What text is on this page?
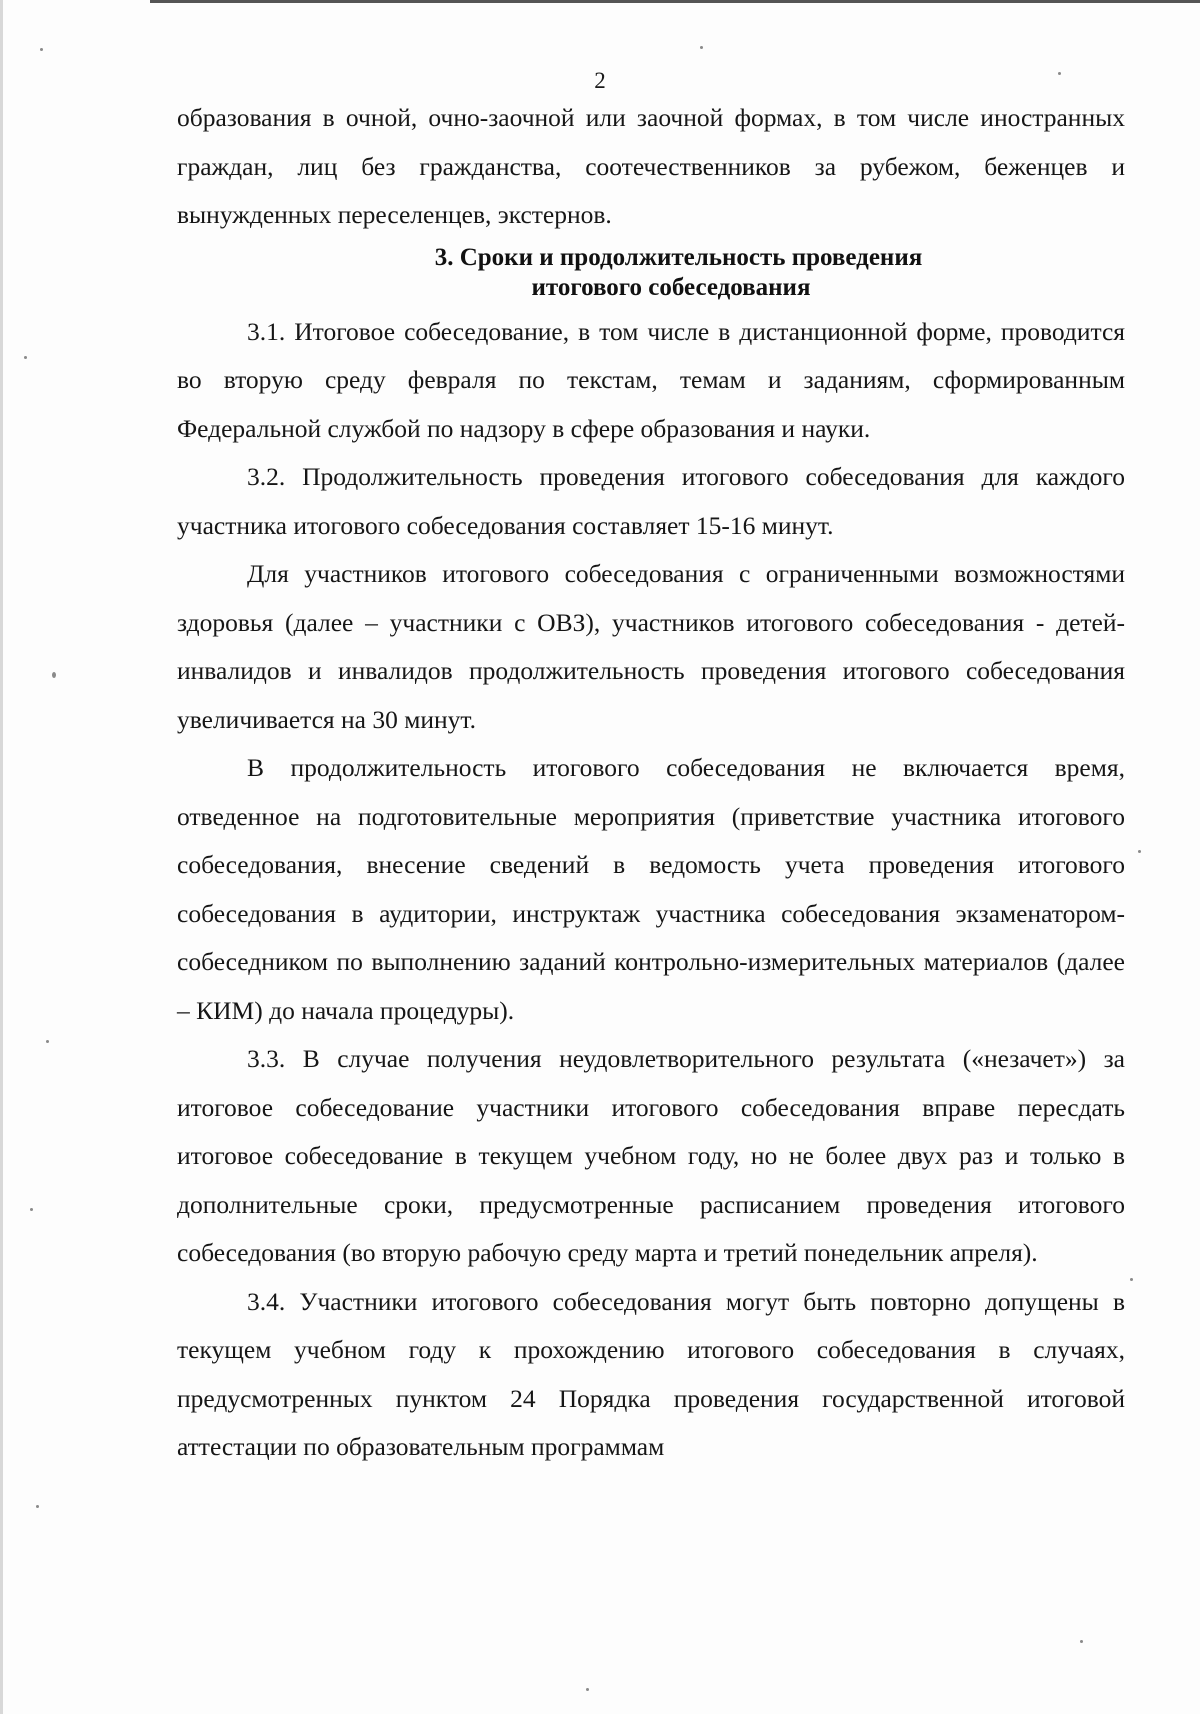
2

образования в очной, очно-заочной или заочной формах, в том числе иностранных граждан, лиц без гражданства, соотечественников за рубежом, беженцев и вынужденных переселенцев, экстернов.

3. Сроки и продолжительность проведения
итогового собеседования

3.1. Итоговое собеседование, в том числе в дистанционной форме, проводится во вторую среду февраля по текстам, темам и заданиям, сформированным Федеральной службой по надзору в сфере образования и науки.

3.2. Продолжительность проведения итогового собеседования для каждого участника итогового собеседования составляет 15-16 минут.

Для участников итогового собеседования с ограниченными возможностями здоровья (далее – участники с ОВЗ), участников итогового собеседования - детей-инвалидов и инвалидов продолжительность проведения итогового собеседования увеличивается на 30 минут.

В продолжительность итогового собеседования не включается время, отведенное на подготовительные мероприятия (приветствие участника итогового собеседования, внесение сведений в ведомость учета проведения итогового собеседования в аудитории, инструктаж участника собеседования экзаменатором-собеседником по выполнению заданий контрольно-измерительных материалов (далее – КИМ) до начала процедуры).

3.3. В случае получения неудовлетворительного результата («незачет») за итоговое собеседование участники итогового собеседования вправе пересдать итоговое собеседование в текущем учебном году, но не более двух раз и только в дополнительные сроки, предусмотренные расписанием проведения итогового собеседования (во вторую рабочую среду марта и третий понедельник апреля).

3.4. Участники итогового собеседования могут быть повторно допущены в текущем учебном году к прохождению итогового собеседования в случаях, предусмотренных пунктом 24 Порядка проведения государственной итоговой аттестации по образовательным программам
